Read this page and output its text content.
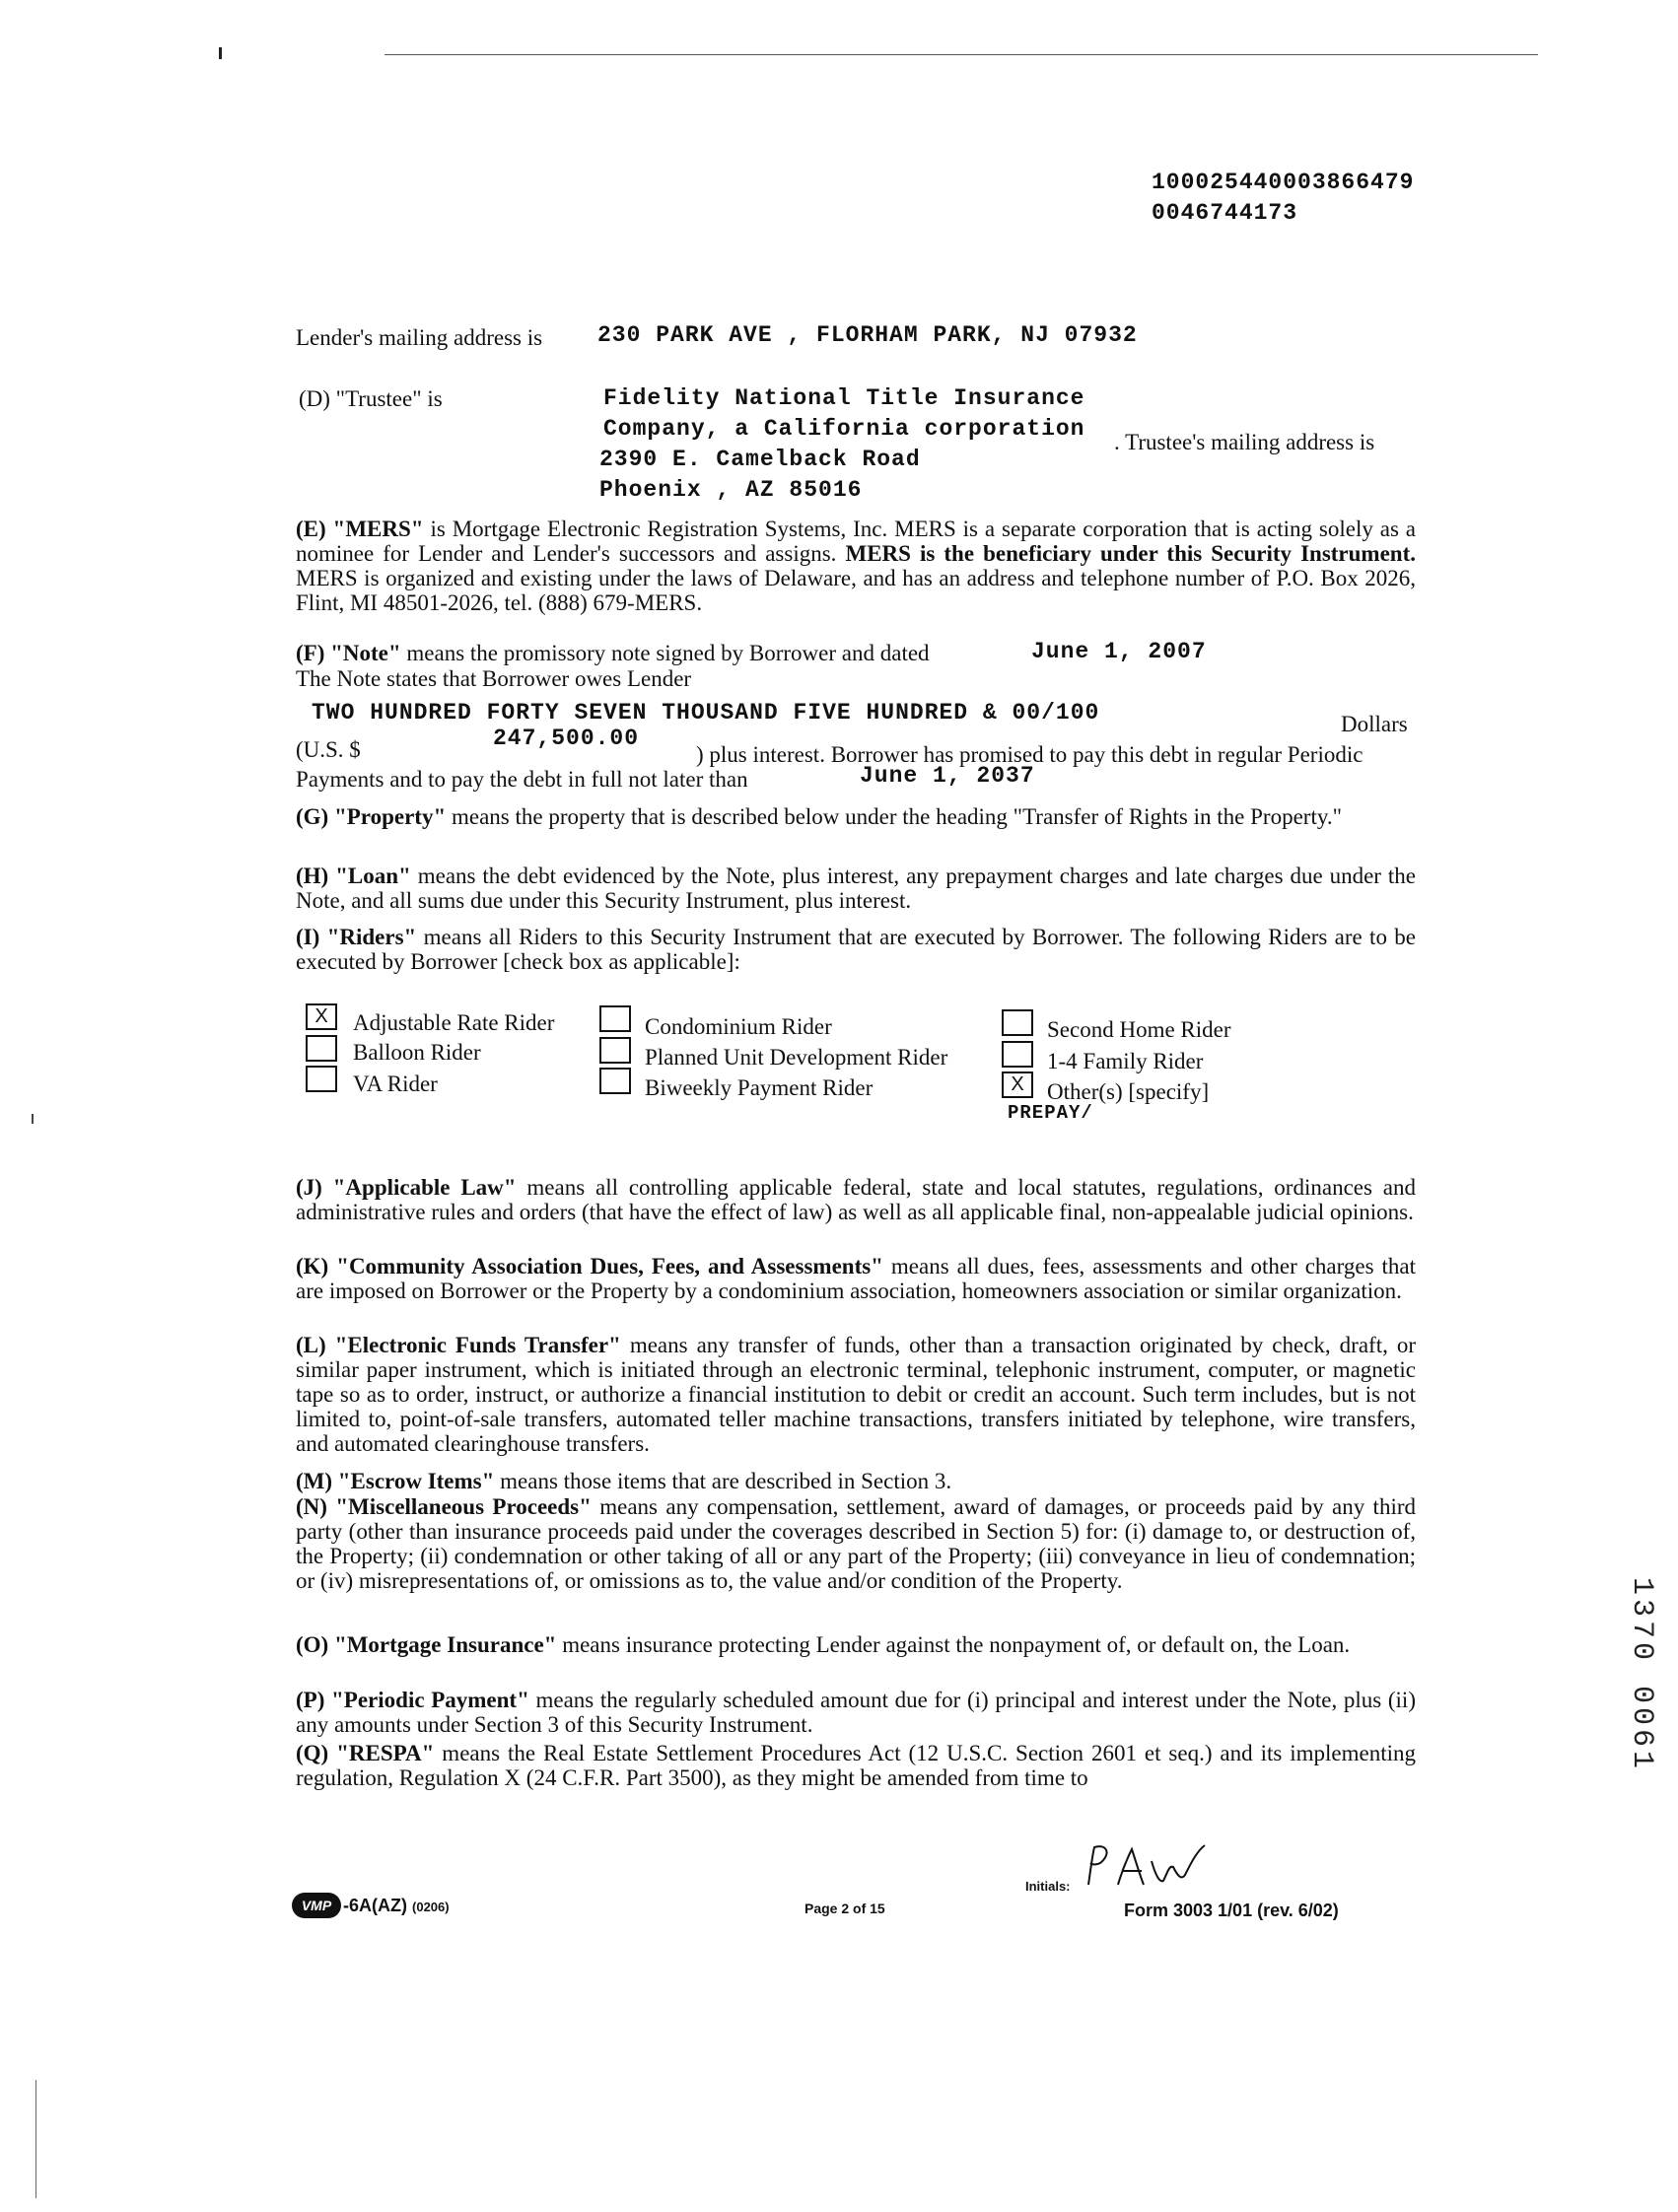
100025440003866479
0046744173
Lender's mailing address is 230 PARK AVE , FLORHAM PARK, NJ 07932
(D) "Trustee" is	Fidelity National Title Insurance
Company, a California corporation
2390 E. Camelback Road
Phoenix , AZ 85016
. Trustee's mailing address is
(E) "MERS" is Mortgage Electronic Registration Systems, Inc. MERS is a separate corporation that is acting solely as a nominee for Lender and Lender's successors and assigns. MERS is the beneficiary under this Security Instrument. MERS is organized and existing under the laws of Delaware, and has an address and telephone number of P.O. Box 2026, Flint, MI 48501-2026, tel. (888) 679-MERS.
(F) "Note" means the promissory note signed by Borrower and dated	June 1, 2007
The Note states that Borrower owes Lender
TWO HUNDRED FORTY SEVEN THOUSAND FIVE HUNDRED & 00/100	Dollars
(U.S. $	247,500.00
) plus interest. Borrower has promised to pay this debt in regular Periodic
Payments and to pay the debt in full not later than	June 1, 2037
(G) "Property" means the property that is described below under the heading "Transfer of Rights in the Property."
(H) "Loan" means the debt evidenced by the Note, plus interest, any prepayment charges and late charges due under the Note, and all sums due under this Security Instrument, plus interest.
(I) "Riders" means all Riders to this Security Instrument that are executed by Borrower. The following Riders are to be executed by Borrower [check box as applicable]:
X	Adjustable Rate Rider
Balloon Rider
VA Rider
Condominium Rider
Planned Unit Development Rider
Biweekly Payment Rider
Second Home Rider
1-4 Family Rider
X	Other(s) [specify]
PREPAY/
(J) "Applicable Law" means all controlling applicable federal, state and local statutes, regulations, ordinances and administrative rules and orders (that have the effect of law) as well as all applicable final, non-appealable judicial opinions.
(K) "Community Association Dues, Fees, and Assessments" means all dues, fees, assessments and other charges that are imposed on Borrower or the Property by a condominium association, homeowners association or similar organization.
(L) "Electronic Funds Transfer" means any transfer of funds, other than a transaction originated by check, draft, or similar paper instrument, which is initiated through an electronic terminal, telephonic instrument, computer, or magnetic tape so as to order, instruct, or authorize a financial institution to debit or credit an account. Such term includes, but is not limited to, point-of-sale transfers, automated teller machine transactions, transfers initiated by telephone, wire transfers, and automated clearinghouse transfers.
(M) "Escrow Items" means those items that are described in Section 3.
(N) "Miscellaneous Proceeds" means any compensation, settlement, award of damages, or proceeds paid by any third party (other than insurance proceeds paid under the coverages described in Section 5) for: (i) damage to, or destruction of, the Property; (ii) condemnation or other taking of all or any part of the Property; (iii) conveyance in lieu of condemnation; or (iv) misrepresentations of, or omissions as to, the value and/or condition of the Property.
(O) "Mortgage Insurance" means insurance protecting Lender against the nonpayment of, or default on, the Loan.
(P) "Periodic Payment" means the regularly scheduled amount due for (i) principal and interest under the Note, plus (ii) any amounts under Section 3 of this Security Instrument.
(Q) "RESPA" means the Real Estate Settlement Procedures Act (12 U.S.C. Section 2601 et seq.) and its implementing regulation, Regulation X (24 C.F.R. Part 3500), as they might be amended from time to
1370 0061
VMP -6A(AZ) (0206)	Page 2 of 15
Initials:
Form 3003 1/01 (rev. 6/02)
